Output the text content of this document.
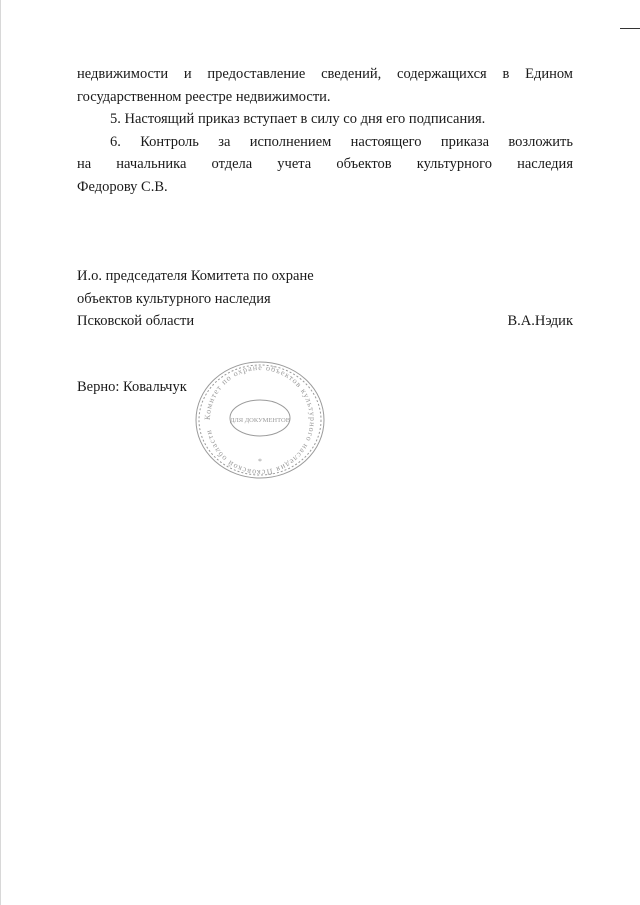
недвижимости и предоставление сведений, содержащихся в Едином
государственном реестре недвижимости.
5. Настоящий приказ вступает в силу со дня его подписания.
6. Контроль за исполнением настоящего приказа возложить
на начальника отдела учета объектов культурного наследия
Федорову С.В.
И.о. председателя Комитета по охране
объектов культурного наследия
Псковской области	В.А.Нэдик
Верно: Ковальчук
Комитет по охране объектов культурного наследия Псковской области
ДЛЯ ДОКУМЕНТОВ
*
